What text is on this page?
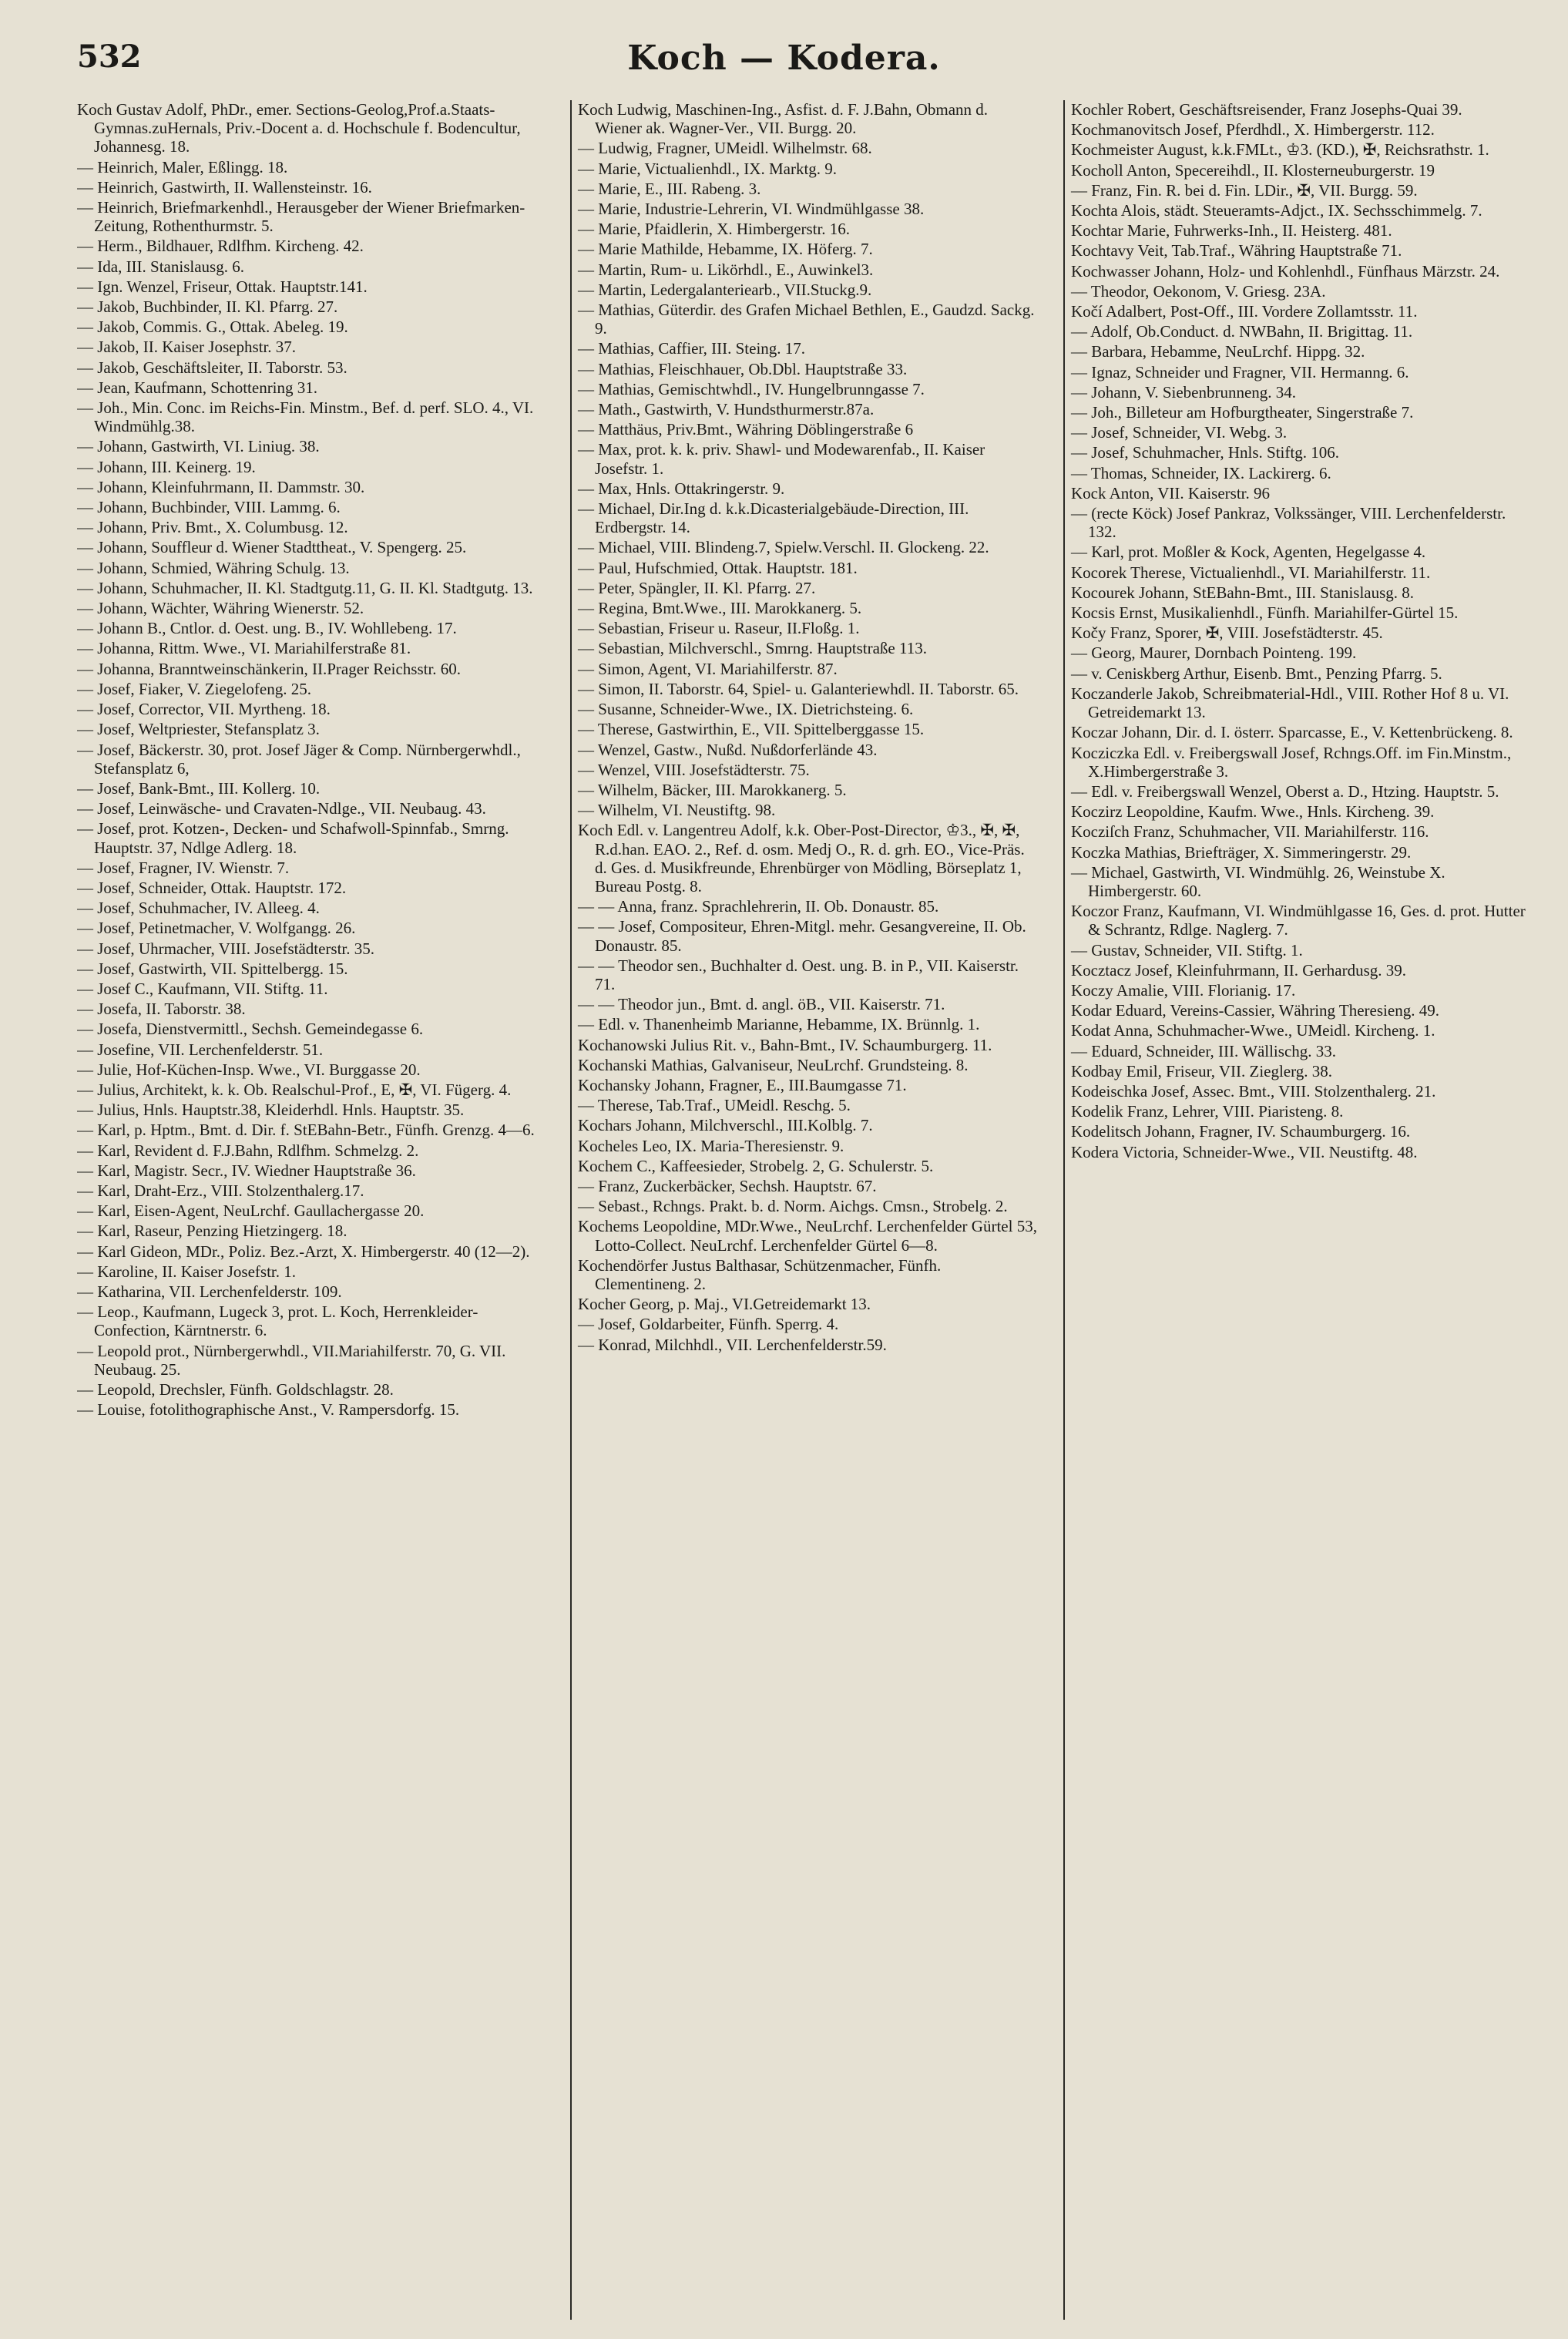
532	Koch — Kodera.

Koch Gustav Adolf, PhDr., emer. Sections-Geolog,Prof.a.Staats-Gymnas.zuHernals, Priv.-Docent a. d. Hochschule f. Bodencultur, Johannesg. 18.

— Heinrich, Maler, Eßlingg. 18.

— Heinrich, Gastwirth, II. Wallensteinstr. 16.

— Heinrich, Briefmarkenhdl., Herausgeber der Wiener Briefmarken-Zeitung, Rothenthurmstr. 5.

— Herm., Bildhauer, Rdlfhm. Kircheng. 42.

— Ida, III. Stanislausg. 6.

— Ign. Wenzel, Friseur, Ottak. Hauptstr.141.

— Jakob, Buchbinder, II. Kl. Pfarrg. 27.

— Jakob, Commis. G., Ottak. Abeleg. 19.

— Jakob, II. Kaiser Josephstr. 37.

— Jakob, Geschäftsleiter, II. Taborstr. 53.

— Jean, Kaufmann, Schottenring 31.

— Joh., Min. Conc. im Reichs-Fin. Minstm., Bef. d. perf. SLO. 4., VI. Windmühlg.38.

— Johann, Gastwirth, VI. Liniug. 38.

— Johann, III. Keinerg. 19.

— Johann, Kleinfuhrmann, II. Dammstr. 30.

— Johann, Buchbinder, VIII. Lammg. 6.

— Johann, Priv. Bmt., X. Columbusg. 12.

— Johann, Souffleur d. Wiener Stadttheat., V. Spengerg. 25.

— Johann, Schmied, Währing Schulg. 13.

— Johann, Schuhmacher, II. Kl. Stadtgutg.11, G. II. Kl. Stadtgutg. 13.

— Johann, Wächter, Währing Wienerstr. 52.

— Johann B., Cntlor. d. Oest. ung. B., IV. Wohllebeng. 17.

— Johanna, Rittm. Wwe., VI. Mariahilferstraße 81.

— Johanna, Branntweinschänkerin, II.Prager Reichsstr. 60.

— Josef, Fiaker, V. Ziegelofeng. 25.

— Josef, Corrector, VII. Myrtheng. 18.

— Josef, Weltpriester, Stefansplatz 3.

— Josef, Bäckerstr. 30, prot. Josef Jäger & Comp. Nürnbergerwhdl., Stefansplatz 6,

— Josef, Bank-Bmt., III. Kollerg. 10.

— Josef, Leinwäsche- und Cravaten-Ndlge., VII. Neubaug. 43.

— Josef, prot. Kotzen-, Decken- und Schafwoll-Spinnfab., Smrng. Hauptstr. 37, Ndlge Adlerg. 18.

— Josef, Fragner, IV. Wienstr. 7.

— Josef, Schneider, Ottak. Hauptstr. 172.

— Josef, Schuhmacher, IV. Alleeg. 4.

— Josef, Petinetmacher, V. Wolfgangg. 26.

— Josef, Uhrmacher, VIII. Josefstädterstr. 35.

— Josef, Gastwirth, VII. Spittelbergg. 15.

— Josef C., Kaufmann, VII. Stiftg. 11.

— Josefa, II. Taborstr. 38.

— Josefa, Dienstvermittl., Sechsh. Gemeindegasse 6.

— Josefine, VII. Lerchenfelderstr. 51.

— Julie, Hof-Küchen-Insp. Wwe., VI. Burggasse 20.

— Julius, Architekt, k. k. Ob. Realschul-Prof., E, ✠, VI. Fügerg. 4.

— Julius, Hnls. Hauptstr.38, Kleiderhdl. Hnls. Hauptstr. 35.

— Karl, p. Hptm., Bmt. d. Dir. f. StEBahn-Betr., Fünfh. Grenzg. 4—6.

— Karl, Revident d. F.J.Bahn, Rdlfhm. Schmelzg. 2.

— Karl, Magistr. Secr., IV. Wiedner Hauptstraße 36.

— Karl, Draht-Erz., VIII. Stolzenthalerg.17.

— Karl, Eisen-Agent, NeuLrchf. Gaullachergasse 20.

— Karl, Raseur, Penzing Hietzingerg. 18.

— Karl Gideon, MDr., Poliz. Bez.-Arzt, X. Himbergerstr. 40 (12—2).

— Karoline, II. Kaiser Josefstr. 1.

— Katharina, VII. Lerchenfelderstr. 109.

— Leop., Kaufmann, Lugeck 3, prot. L. Koch, Herrenkleider-Confection, Kärntnerstr. 6.

— Leopold prot., Nürnbergerwhdl., VII.Mariahilferstr. 70, G. VII. Neubaug. 25.

— Leopold, Drechsler, Fünfh. Goldschlagstr. 28.

— Louise, fotolithographische Anst., V. Rampersdorfg. 15.

Koch Ludwig, Maschinen-Ing., Asfist. d. F. J.Bahn, Obmann d. Wiener ak. Wagner-Ver., VII. Burgg. 20.

— Ludwig, Fragner, UMeidl. Wilhelmstr. 68.

— Marie, Victualienhdl., IX. Marktg. 9.

— Marie, E., III. Rabeng. 3.

— Marie, Industrie-Lehrerin, VI. Windmühlgasse 38.

— Marie, Pfaidlerin, X. Himbergerstr. 16.

— Marie Mathilde, Hebamme, IX. Höferg. 7.

— Martin, Rum- u. Likörhdl., E., Auwinkel3.

— Martin, Ledergalanteriearb., VII.Stuckg.9.

— Mathias, Güterdir. des Grafen Michael Bethlen, E., Gaudzd. Sackg. 9.

— Mathias, Caffier, III. Steing. 17.

— Mathias, Fleischhauer, Ob.Dbl. Hauptstraße 33.

— Mathias, Gemischtwhdl., IV. Hungelbrunngasse 7.

— Math., Gastwirth, V. Hundsthurmerstr.87a.

— Matthäus, Priv.Bmt., Währing Döblingerstraße 6

— Max, prot. k. k. priv. Shawl- und Modewarenfab., II. Kaiser Josefstr. 1.

— Max, Hnls. Ottakringerstr. 9.

— Michael, Dir.Ing d. k.k.Dicasterialgebäude-Direction, III. Erdbergstr. 14.

— Michael, VIII. Blindeng.7, Spielw.Verschl. II. Glockeng. 22.

— Paul, Hufschmied, Ottak. Hauptstr. 181.

— Peter, Spängler, II. Kl. Pfarrg. 27.

— Regina, Bmt.Wwe., III. Marokkanerg. 5.

— Sebastian, Friseur u. Raseur, II.Floßg. 1.

— Sebastian, Milchverschl., Smrng. Hauptstraße 113.

— Simon, Agent, VI. Mariahilferstr. 87.

— Simon, II. Taborstr. 64, Spiel- u. Galanteriewhdl. II. Taborstr. 65.

— Susanne, Schneider-Wwe., IX. Dietrichsteing. 6.

— Therese, Gastwirthin, E., VII. Spittelberggasse 15.

— Wenzel, Gastw., Nußd. Nußdorferlände 43.

— Wenzel, VIII. Josefstädterstr. 75.

— Wilhelm, Bäcker, III. Marokkanerg. 5.

— Wilhelm, VI. Neustiftg. 98.

Koch Edl. v. Langentreu Adolf, k.k. Ober-Post-Director, ♔3., ✠, ✠, R.d.han. EAO. 2., Ref. d. osm. Medj O., R. d. grh. EO., Vice-Präs. d. Ges. d. Musikfreunde, Ehrenbürger von Mödling, Börseplatz 1, Bureau Postg. 8.

— — Anna, franz. Sprachlehrerin, II. Ob. Donaustr. 85.

— — Josef, Compositeur, Ehren-Mitgl. mehr. Gesangvereine, II. Ob. Donaustr. 85.

— — Theodor sen., Buchhalter d. Oest. ung. B. in P., VII. Kaiserstr. 71.

— — Theodor jun., Bmt. d. angl. öB., VII. Kaiserstr. 71.

— Edl. v. Thanenheimb Marianne, Hebamme, IX. Brünnlg. 1.

Kochanowski Julius Rit. v., Bahn-Bmt., IV. Schaumburgerg. 11.

Kochanski Mathias, Galvaniseur, NeuLrchf. Grundsteing. 8.

Kochansky Johann, Fragner, E., III.Baumgasse 71.

— Therese, Tab.Traf., UMeidl. Reschg. 5.

Kochars Johann, Milchverschl., III.Kolblg. 7.

Kocheles Leo, IX. Maria-Theresienstr. 9.

Kochem C., Kaffeesieder, Strobelg. 2, G. Schulerstr. 5.

— Franz, Zuckerbäcker, Sechsh. Hauptstr. 67.

— Sebast., Rchngs. Prakt. b. d. Norm. Aichgs. Cmsn., Strobelg. 2.

Kochems Leopoldine, MDr.Wwe., NeuLrchf. Lerchenfelder Gürtel 53, Lotto-Collect. NeuLrchf. Lerchenfelder Gürtel 6—8.

Kochendörfer Justus Balthasar, Schützenmacher, Fünfh. Clementineng. 2.

Kocher Georg, p. Maj., VI.Getreidemarkt 13.

— Josef, Goldarbeiter, Fünfh. Sperrg. 4.

— Konrad, Milchhdl., VII. Lerchenfelderstr.59.

Kochler Robert, Geschäftsreisender, Franz Josephs-Quai 39.

Kochmanovitsch Josef, Pferdhdl., X. Himbergerstr. 112.

Kochmeister August, k.k.FMLt., ♔3. (KD.), ✠, Reichsrathstr. 1.

Kocholl Anton, Specereihdl., II. Klosterneuburgerstr. 19

— Franz, Fin. R. bei d. Fin. LDir., ✠, VII. Burgg. 59.

Kochta Alois, städt. Steueramts-Adjct., IX. Sechsschimmelg. 7.

Kochtar Marie, Fuhrwerks-Inh., II. Heisterg. 481.

Kochtavy Veit, Tab.Traf., Währing Hauptstraße 71.

Kochwasser Johann, Holz- und Kohlenhdl., Fünfhaus Märzstr. 24.

— Theodor, Oekonom, V. Griesg. 23A.

Kočí Adalbert, Post-Off., III. Vordere Zollamtsstr. 11.

— Adolf, Ob.Conduct. d. NWBahn, II. Brigittag. 11.

— Barbara, Hebamme, NeuLrchf. Hippg. 32.

— Ignaz, Schneider und Fragner, VII. Hermanng. 6.

— Johann, V. Siebenbrunneng. 34.

— Joh., Billeteur am Hofburgtheater, Singerstraße 7.

— Josef, Schneider, VI. Webg. 3.

— Josef, Schuhmacher, Hnls. Stiftg. 106.

— Thomas, Schneider, IX. Lackirerg. 6.

Kock Anton, VII. Kaiserstr. 96

— (recte Köck) Josef Pankraz, Volkssänger, VIII. Lerchenfelderstr. 132.

— Karl, prot. Moßler & Kock, Agenten, Hegelgasse 4.

Kocorek Therese, Victualienhdl., VI. Mariahilferstr. 11.

Kocourek Johann, StEBahn-Bmt., III. Stanislausg. 8.

Kocsis Ernst, Musikalienhdl., Fünfh. Mariahilfer-Gürtel 15.

Kočy Franz, Sporer, ✠, VIII. Josefstädterstr. 45.

— Georg, Maurer, Dornbach Pointeng. 199.

— v. Ceniskberg Arthur, Eisenb. Bmt., Penzing Pfarrg. 5.

Koczanderle Jakob, Schreibmaterial-Hdl., VIII. Rother Hof 8 u. VI. Getreidemarkt 13.

Koczar Johann, Dir. d. I. österr. Sparcasse, E., V. Kettenbrückeng. 8.

Kocziczka Edl. v. Freibergswall Josef, Rchngs.Off. im Fin.Minstm., X.Himbergerstraße 3.

— Edl. v. Freibergswall Wenzel, Oberst a. D., Htzing. Hauptstr. 5.

Koczirz Leopoldine, Kaufm. Wwe., Hnls. Kircheng. 39.

Kocziſch Franz, Schuhmacher, VII. Mariahilferstr. 116.

Koczka Mathias, Briefträger, X. Simmeringerstr. 29.

— Michael, Gastwirth, VI. Windmühlg. 26, Weinstube X. Himbergerstr. 60.

Koczor Franz, Kaufmann, VI. Windmühlgasse 16, Ges. d. prot. Hutter & Schrantz, Rdlge. Naglerg. 7.

— Gustav, Schneider, VII. Stiftg. 1.

Kocztacz Josef, Kleinfuhrmann, II. Gerhardusg. 39.

Koczy Amalie, VIII. Florianig. 17.

Kodar Eduard, Vereins-Cassier, Währing Theresieng. 49.

Kodat Anna, Schuhmacher-Wwe., UMeidl. Kircheng. 1.

— Eduard, Schneider, III. Wällischg. 33.

Kodbay Emil, Friseur, VII. Zieglerg. 38.

Kodeischka Josef, Assec. Bmt., VIII. Stolzenthalerg. 21.

Kodelik Franz, Lehrer, VIII. Piaristeng. 8.

Kodelitsch Johann, Fragner, IV. Schaumburgerg. 16.

Kodera Victoria, Schneider-Wwe., VII. Neustiftg. 48.
